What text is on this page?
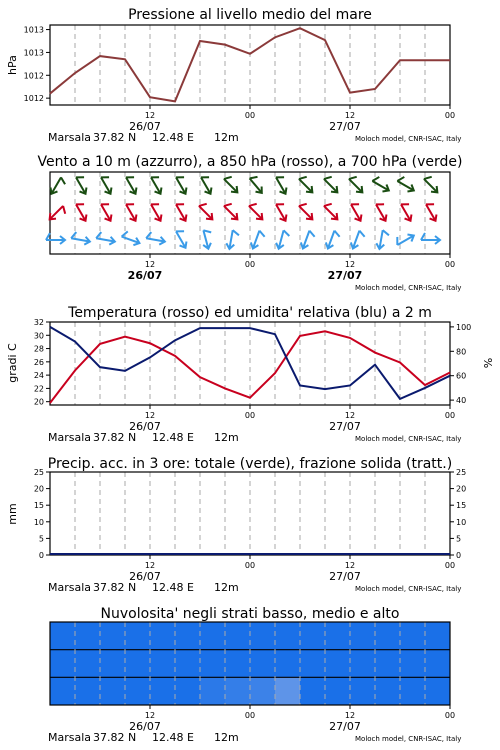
Pressione al livello medio del mare
12	00	12	00
26/07	27/07
Marsala 37.82 N 12.48 E 12m	Moloch model, CNR-ISAC, Italy
1012
1012
1013
1013
hPa
Vento a 10 m (azzurro), a 850 hPa (rosso), a 700 hPa (verde)
12	00	12	00
26/07	27/07
Moloch model, CNR-ISAC, Italy
Temperatura (rosso) ed umidita' relativa (blu) a 2 m
12	00	12	00
26/07	27/07
Marsala 37.82 N 12.48 E 12m	Moloch model, CNR-ISAC, Italy
20
22
24
26
28
30
32
40
60
80
100
gradi C	%
Precip. acc. in 3 ore: totale (verde), frazione solida (tratt.)
12	00	12	00
26/07	27/07
Marsala 37.82 N 12.48 E 12m	Moloch model, CNR-ISAC, Italy
0	0
5	5
10	10
15	15
20	20
25	25
mm
Nuvolosita' negli strati basso, medio e alto
12	00	12	00
26/07	27/07
Marsala 37.82 N 12.48 E 12m	Moloch model, CNR-ISAC, Italy
